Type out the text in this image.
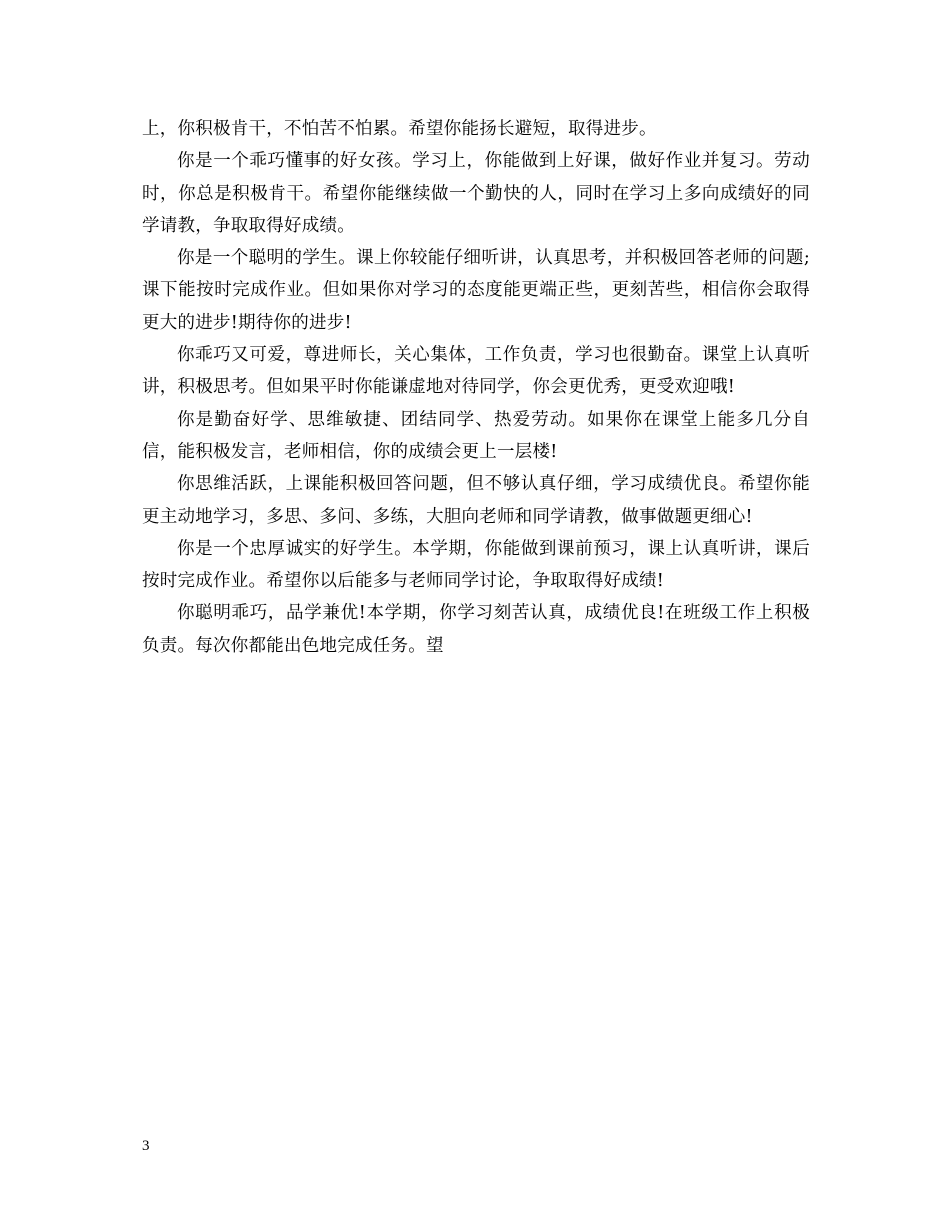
上，你积极肯干，不怕苦不怕累。希望你能扬长避短，取得进步。

你是一个乖巧懂事的好女孩。学习上，你能做到上好课，做好作业并复习。劳动时，你总是积极肯干。希望你能继续做一个勤快的人，同时在学习上多向成绩好的同学请教，争取取得好成绩。

你是一个聪明的学生。课上你较能仔细听讲，认真思考，并积极回答老师的问题;课下能按时完成作业。但如果你对学习的态度能更端正些，更刻苦些，相信你会取得更大的进步!期待你的进步!

你乖巧又可爱，尊进师长，关心集体，工作负责，学习也很勤奋。课堂上认真听讲，积极思考。但如果平时你能谦虚地对待同学，你会更优秀，更受欢迎哦!

你是勤奋好学、思维敏捷、团结同学、热爱劳动。如果你在课堂上能多几分自信，能积极发言，老师相信，你的成绩会更上一层楼!

你思维活跃，上课能积极回答问题，但不够认真仔细，学习成绩优良。希望你能更主动地学习，多思、多问、多练，大胆向老师和同学请教，做事做题更细心!

你是一个忠厚诚实的好学生。本学期，你能做到课前预习，课上认真听讲，课后按时完成作业。希望你以后能多与老师同学讨论，争取取得好成绩!

你聪明乖巧，品学兼优!本学期，你学习刻苦认真，成绩优良!在班级工作上积极负责。每次你都能出色地完成任务。望

3
